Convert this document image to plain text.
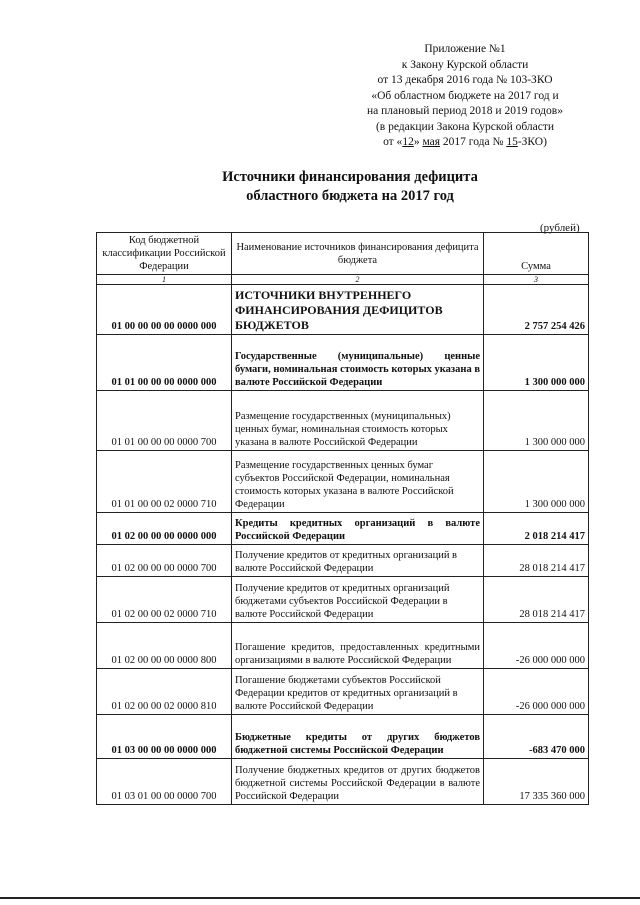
Приложение №1
к Закону Курской области
от 13 декабря 2016 года № 103-ЗКО
«Об областном бюджете на 2017 год и
на плановый период 2018 и 2019 годов»
(в редакции Закона Курской области
от «12» мая 2017 года № 15-ЗКО)
Источники финансирования дефицита
областного бюджета на 2017 год
(рублей)
Код бюджетной классификации Российской Федерации	Наименование источников финансирования дефицита бюджета	Сумма
1	2	3
01 00 00 00 00 0000 000	ИСТОЧНИКИ ВНУТРЕННЕГО ФИНАНСИРОВАНИЯ ДЕФИЦИТОВ БЮДЖЕТОВ	2 757 254 426
01 01 00 00 00 0000 000	Государственные (муниципальные) ценные бумаги, номинальная стоимость которых указана в валюте Российской Федерации	1 300 000 000
01 01 00 00 00 0000 700	Размещение государственных (муниципальных) ценных бумаг, номинальная стоимость которых указана в валюте Российской Федерации	1 300 000 000
01 01 00 00 02 0000 710	Размещение государственных ценных бумаг субъектов Российской Федерации, номинальная стоимость которых указана в валюте Российской Федерации	1 300 000 000
01 02 00 00 00 0000 000	Кредиты кредитных организаций в валюте Российской Федерации	2 018 214 417
01 02 00 00 00 0000 700	Получение кредитов от кредитных организаций в валюте Российской Федерации	28 018 214 417
01 02 00 00 02 0000 710	Получение кредитов от кредитных организаций бюджетами субъектов Российской Федерации в валюте Российской Федерации	28 018 214 417
01 02 00 00 00 0000 800	Погашение кредитов, предоставленных кредитными организациями в валюте Российской Федерации	-26 000 000 000
01 02 00 00 02 0000 810	Погашение бюджетами субъектов Российской Федерации кредитов от кредитных организаций в валюте Российской Федерации	-26 000 000 000
01 03 00 00 00 0000 000	Бюджетные кредиты от других бюджетов бюджетной системы Российской Федерации	-683 470 000
01 03 01 00 00 0000 700	Получение бюджетных кредитов от других бюджетов бюджетной системы Российской Федерации в валюте Российской Федерации	17 335 360 000
